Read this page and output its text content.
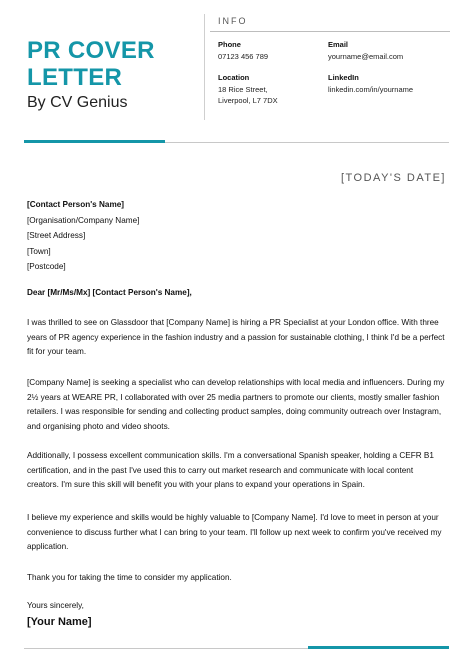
PR COVER
LETTER
By CV Genius
INFO
Phone
07123 456 789
Email
yourname@email.com
Location
18 Rice Street,
Liverpool, L7 7DX
LinkedIn
linkedin.com/in/yourname
[TODAY'S DATE]
[Contact Person's Name]
[Organisation/Company Name]
[Street Address]
[Town]
[Postcode]
Dear [Mr/Ms/Mx] [Contact Person's Name],

I was thrilled to see on Glassdoor that [Company Name] is hiring a PR Specialist at your London office. With three years of PR agency experience in the fashion industry and a passion for sustainable clothing, I think I'd be a perfect fit for your team.

[Company Name] is seeking a specialist who can develop relationships with local media and influencers. During my 2½ years at WEARE PR, I collaborated with over 25 media partners to promote our clients, mostly smaller fashion retailers. I was responsible for sending and collecting product samples, doing community outreach over Instagram, and organising photo and video shoots.

Additionally, I possess excellent communication skills. I'm a conversational Spanish speaker, holding a CEFR B1 certification, and in the past I've used this to carry out market research and communicate with local content creators. I'm sure this skill will benefit you with your plans to expand your operations in Spain.

I believe my experience and skills would be highly valuable to [Company Name]. I'd love to meet in person at your convenience to discuss further what I can bring to your team. I'll follow up next week to confirm you've received my application.

Thank you for taking the time to consider my application.

Yours sincerely,
[Your Name]
